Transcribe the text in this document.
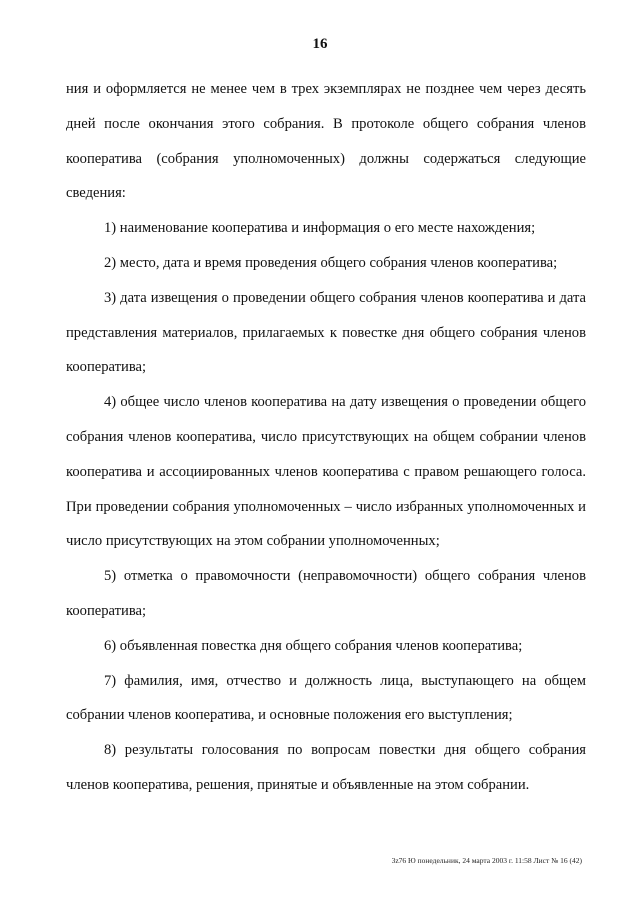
16

ния и оформляется не менее чем в трех экземплярах не позднее чем через десять дней после окончания этого собрания. В протоколе общего собрания членов кооператива (собрания уполномоченных) должны содержаться следующие сведения:

1) наименование кооператива и информация о его месте нахождения;

2) место, дата и время проведения общего собрания членов кооператива;

3) дата извещения о проведении общего собрания членов кооператива и дата представления материалов, прилагаемых к повестке дня общего собрания членов кооператива;

4) общее число членов кооператива на дату извещения о проведении общего собрания членов кооператива, число присутствующих на общем собрании членов кооператива и ассоциированных членов кооператива с правом решающего голоса. При проведении собрания уполномоченных – число избранных уполномоченных и число присутствующих на этом собрании уполномоченных;

5) отметка о правомочности (неправомочности) общего собрания членов кооператива;

6) объявленная повестка дня общего собрания членов кооператива;

7) фамилия, имя, отчество и должность лица, выступающего на общем собрании членов кооператива, и основные положения его выступления;

8) результаты голосования по вопросам повестки дня общего собрания членов кооператива, решения, принятые и объявленные на этом собрании.

3z76 Ю понедельник, 24 марта 2003 г. 11:58 Лист № 16 (42)
